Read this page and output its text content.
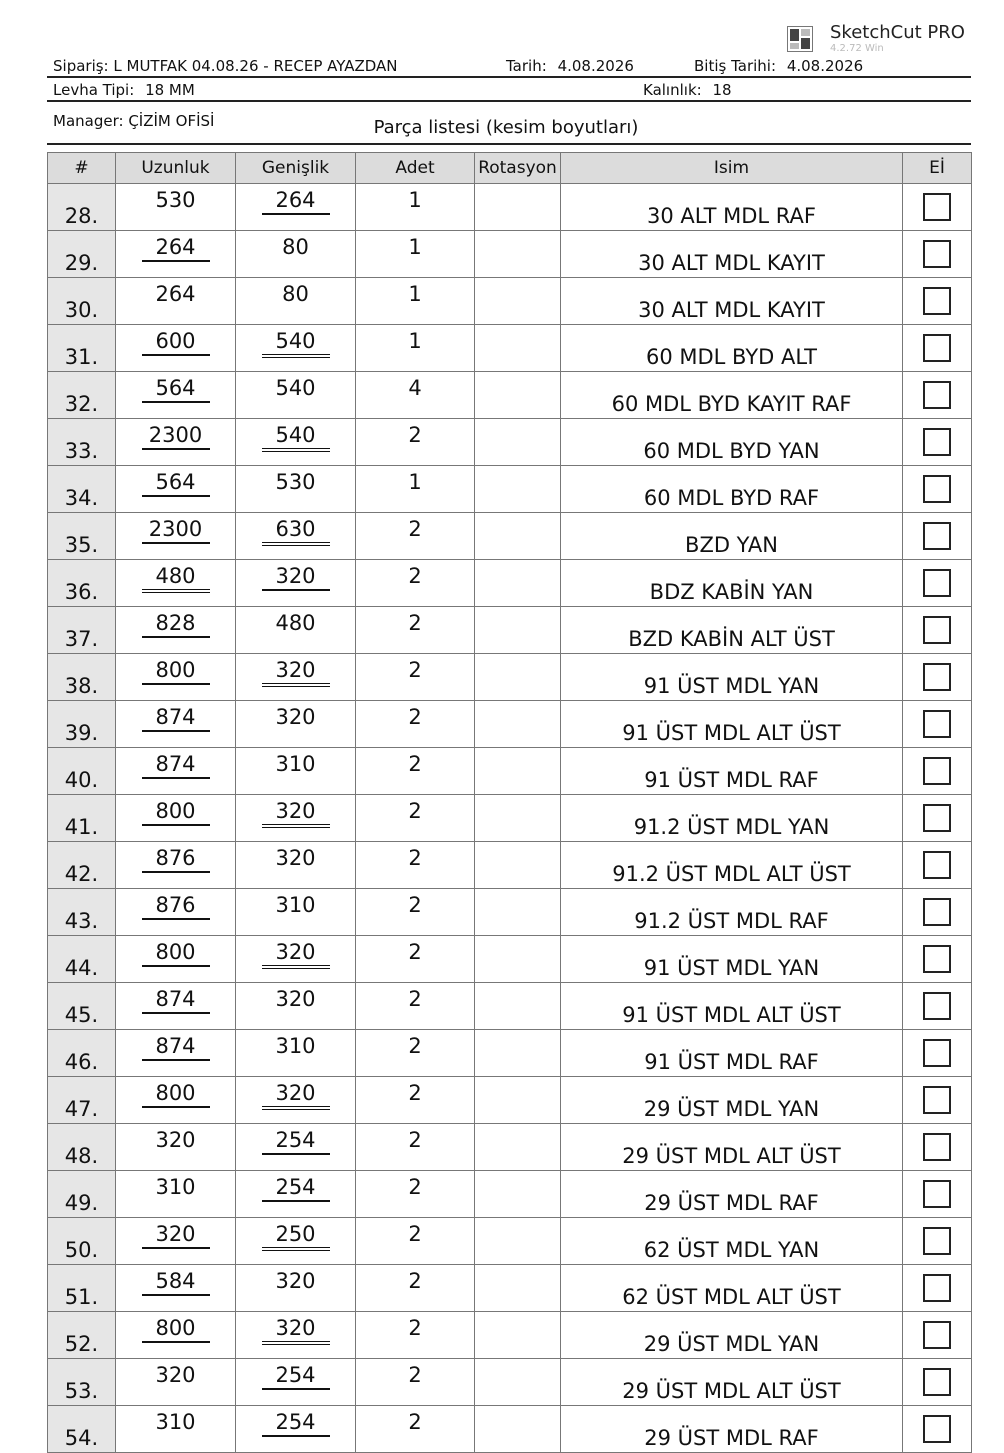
SketchCut PRO
4.2.72 Win
Sipariş: L MUTFAK 04.08.26 - RECEP AYAZDAN	Tarih: 4.08.2026	Bitiş Tarihi: 4.08.2026
Levha Tipi: 18 MM	Kalınlık: 18
Manager: ÇİZİM OFİSİ	Parça listesi (kesim boyutları)
#	Uzunluk	Genişlik	Adet	Rotasyon	Isim	Eİ
28.	530	264	1		30 ALT MDL RAF	
29.	264	80	1		30 ALT MDL KAYIT	
30.	264	80	1		30 ALT MDL KAYIT	
31.	600	540	1		60 MDL BYD ALT	
32.	564	540	4		60 MDL BYD KAYIT RAF	
33.	2300	540	2		60 MDL BYD YAN	
34.	564	530	1		60 MDL BYD RAF	
35.	2300	630	2		BZD YAN	
36.	480	320	2		BDZ KABİN YAN	
37.	828	480	2		BZD KABİN ALT ÜST	
38.	800	320	2		91 ÜST MDL YAN	
39.	874	320	2		91 ÜST MDL ALT ÜST	
40.	874	310	2		91 ÜST MDL RAF	
41.	800	320	2		91.2 ÜST MDL YAN	
42.	876	320	2		91.2 ÜST MDL ALT ÜST	
43.	876	310	2		91.2 ÜST MDL RAF	
44.	800	320	2		91 ÜST MDL YAN	
45.	874	320	2		91 ÜST MDL ALT ÜST	
46.	874	310	2		91 ÜST MDL RAF	
47.	800	320	2		29 ÜST MDL YAN	
48.	320	254	2		29 ÜST MDL ALT ÜST	
49.	310	254	2		29 ÜST MDL RAF	
50.	320	250	2		62 ÜST MDL YAN	
51.	584	320	2		62 ÜST MDL ALT ÜST	
52.	800	320	2		29 ÜST MDL YAN	
53.	320	254	2		29 ÜST MDL ALT ÜST	
54.	310	254	2		29 ÜST MDL RAF	
